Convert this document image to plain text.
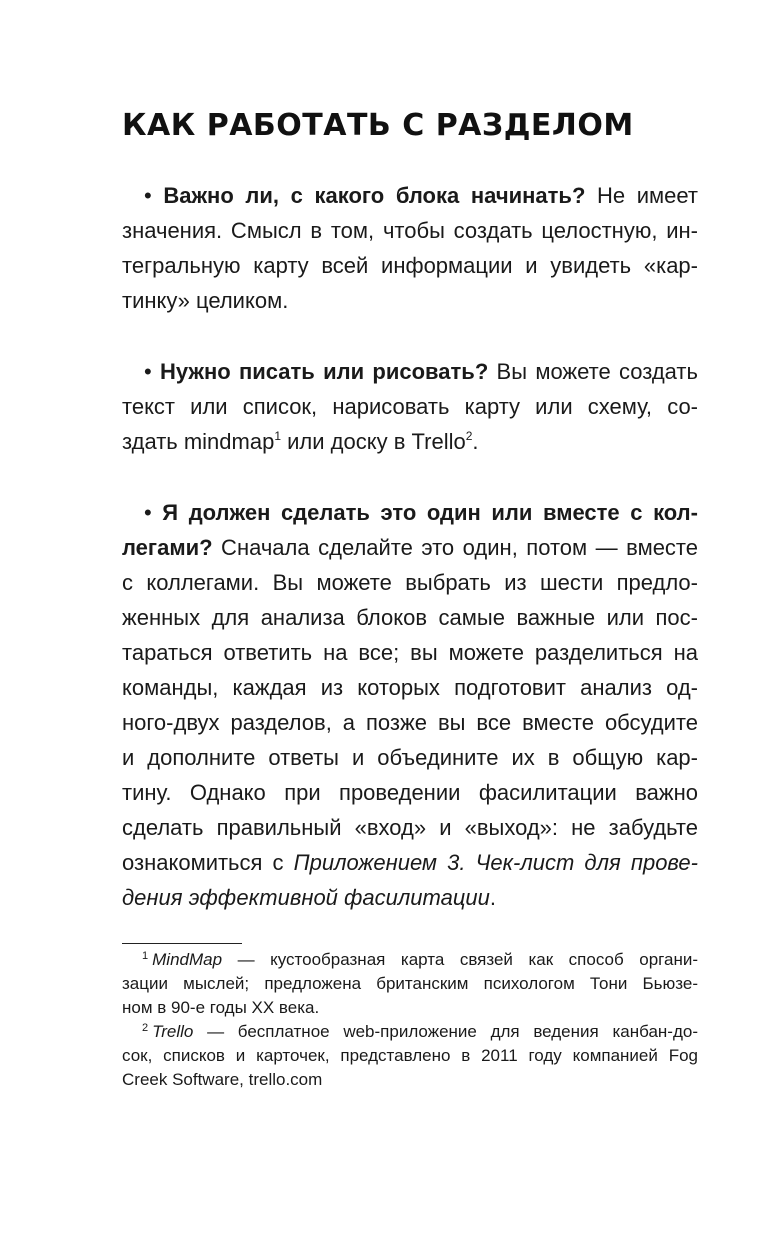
КАК РАБОТАТЬ С РАЗДЕЛОМ
• Важно ли, с какого блока начинать? Не имеет
значения. Смысл в том, чтобы создать целостную, ин-
тегральную карту всей информации и увидеть «кар-
тинку» целиком.
• Нужно писать или рисовать? Вы можете создать
текст или список, нарисовать карту или схему, со-
здать mindmap$^1$ или доску в Trello$^2$.
• Я должен сделать это один или вместе с кол-
легами? Сначала сделайте это один, потом — вместе
с коллегами. Вы можете выбрать из шести предло-
женных для анализа блоков самые важные или пос-
тараться ответить на все; вы можете разделиться на
команды, каждая из которых подготовит анализ од-
ного-двух разделов, а позже вы все вместе обсудите
и дополните ответы и объедините их в общую кар-
тину. Однако при проведении фасилитации важно
сделать правильный «вход» и «выход»: не забудьте
ознакомиться с Приложением 3. Чек-лист для прове-
дения эффективной фасилитации.
$^1$ MindMap — кустообразная карта связей как способ органи-
зации мыслей; предложена британским психологом Тони Бьюзе-
ном в 90-е годы XX века.
$^2$ Trello — бесплатное web-приложение для ведения канбан-до-
сок, списков и карточек, представлено в 2011 году компанией Fog
Creek Software, trello.com
